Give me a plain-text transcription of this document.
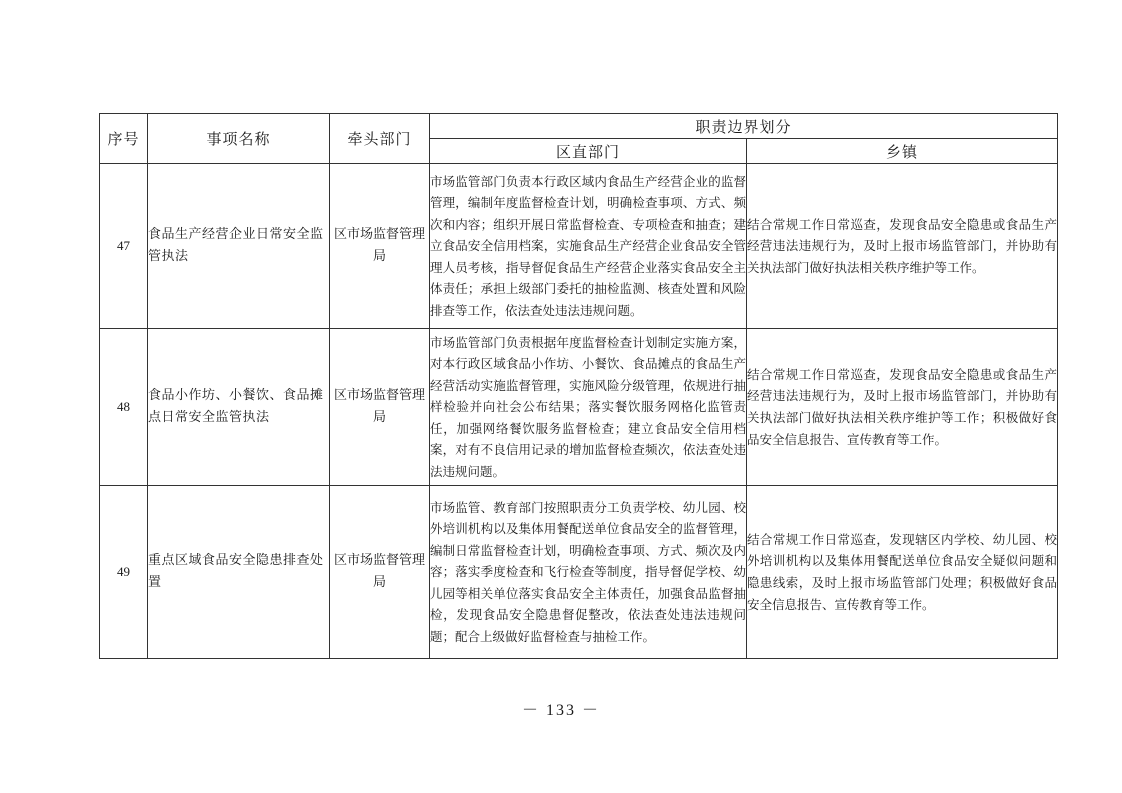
序号	事项名称	牵头部门	职责边界划分	
			区直部门	乡镇
47	食品生产经营企业日常安全监管执法	区市场监督管理局	市场监管部门负责本行政区域内食品生产经营企业的监督管理，编制年度监督检查计划，明确检查事项、方式、频次和内容；组织开展日常监督检查、专项检查和抽查；建立食品安全信用档案，实施食品生产经营企业食品安全管理人员考核，指导督促食品生产经营企业落实食品安全主体责任；承担上级部门委托的抽检监测、核查处置和风险排查等工作，依法查处违法违规问题。	结合常规工作日常巡查，发现食品安全隐患或食品生产经营违法违规行为，及时上报市场监管部门，并协助有关执法部门做好执法相关秩序维护等工作。
48	食品小作坊、小餐饮、食品摊点日常安全监管执法	区市场监督管理局	市场监管部门负责根据年度监督检查计划制定实施方案，对本行政区域食品小作坊、小餐饮、食品摊点的食品生产经营活动实施监督管理，实施风险分级管理，依规进行抽样检验并向社会公布结果；落实餐饮服务网格化监管责任，加强网络餐饮服务监督检查；建立食品安全信用档案，对有不良信用记录的增加监督检查频次，依法查处违法违规问题。	结合常规工作日常巡查，发现食品安全隐患或食品生产经营违法违规行为，及时上报市场监管部门，并协助有关执法部门做好执法相关秩序维护等工作；积极做好食品安全信息报告、宣传教育等工作。
49	重点区域食品安全隐患排查处置	区市场监督管理局	市场监管、教育部门按照职责分工负责学校、幼儿园、校外培训机构以及集体用餐配送单位食品安全的监督管理，编制日常监督检查计划，明确检查事项、方式、频次及内容；落实季度检查和飞行检查等制度，指导督促学校、幼儿园等相关单位落实食品安全主体责任，加强食品监督抽检，发现食品安全隐患督促整改，依法查处违法违规问题；配合上级做好监督检查与抽检工作。	结合常规工作日常巡查，发现辖区内学校、幼儿园、校外培训机构以及集体用餐配送单位食品安全疑似问题和隐患线索，及时上报市场监管部门处理；积极做好食品安全信息报告、宣传教育等工作。
－ 133 －
